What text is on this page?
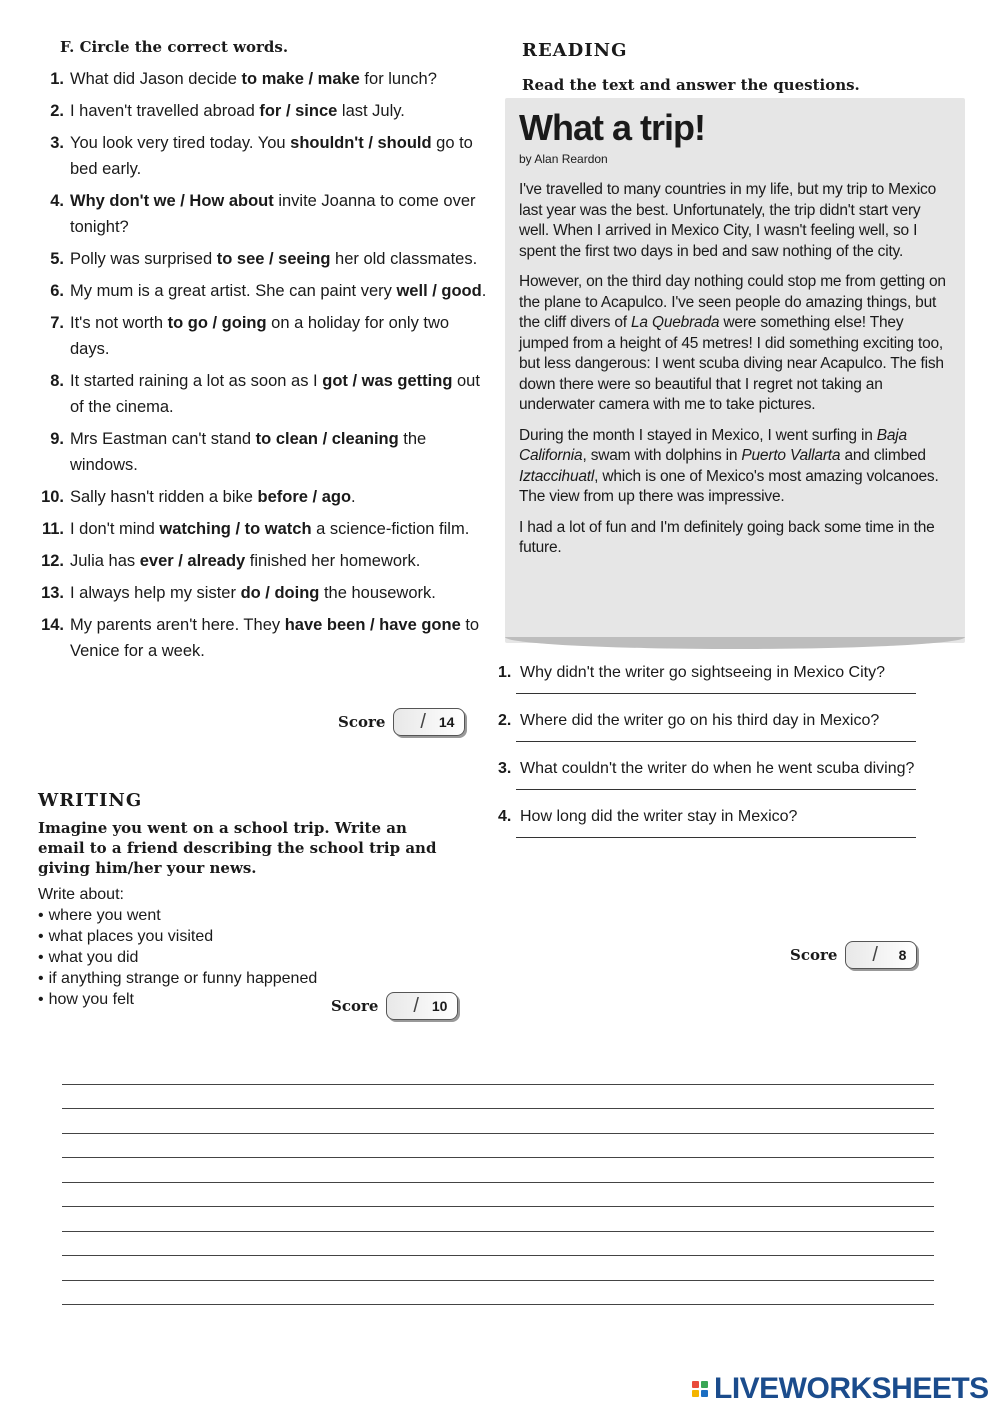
F. Circle the correct words.
1. What did Jason decide to make / make for lunch?
2. I haven't travelled abroad for / since last July.
3. You look very tired today. You shouldn't / should go to bed early.
4. Why don't we / How about invite Joanna to come over tonight?
5. Polly was surprised to see / seeing her old classmates.
6. My mum is a great artist. She can paint very well / good.
7. It's not worth to go / going on a holiday for only two days.
8. It started raining a lot as soon as I got / was getting out of the cinema.
9. Mrs Eastman can't stand to clean / cleaning the windows.
10. Sally hasn't ridden a bike before / ago.
11. I don't mind watching / to watch a science-fiction film.
12. Julia has ever / already finished her homework.
13. I always help my sister do / doing the housework.
14. My parents aren't here. They have been / have gone to Venice for a week.
Score / 14
READING
Read the text and answer the questions.
What a trip!
by Alan Reardon
I've travelled to many countries in my life, but my trip to Mexico last year was the best. Unfortunately, the trip didn't start very well. When I arrived in Mexico City, I wasn't feeling well, so I spent the first two days in bed and saw nothing of the city.
However, on the third day nothing could stop me from getting on the plane to Acapulco. I've seen people do amazing things, but the cliff divers of La Quebrada were something else! They jumped from a height of 45 metres! I did something exciting too, but less dangerous: I went scuba diving near Acapulco. The fish down there were so beautiful that I regret not taking an underwater camera with me to take pictures.
During the month I stayed in Mexico, I went surfing in Baja California, swam with dolphins in Puerto Vallarta and climbed Iztaccihuatl, which is one of Mexico's most amazing volcanoes. The view from up there was impressive.
I had a lot of fun and I'm definitely going back some time in the future.
1. Why didn't the writer go sightseeing in Mexico City?
2. Where did the writer go on his third day in Mexico?
3. What couldn't the writer do when he went scuba diving?
4. How long did the writer stay in Mexico?
Score / 8
WRITING
Imagine you went on a school trip. Write an email to a friend describing the school trip and giving him/her your news.
Write about:
• where you went
• what places you visited
• what you did
• if anything strange or funny happened
• how you felt	Score / 10
LIVEWORKSHEETS
